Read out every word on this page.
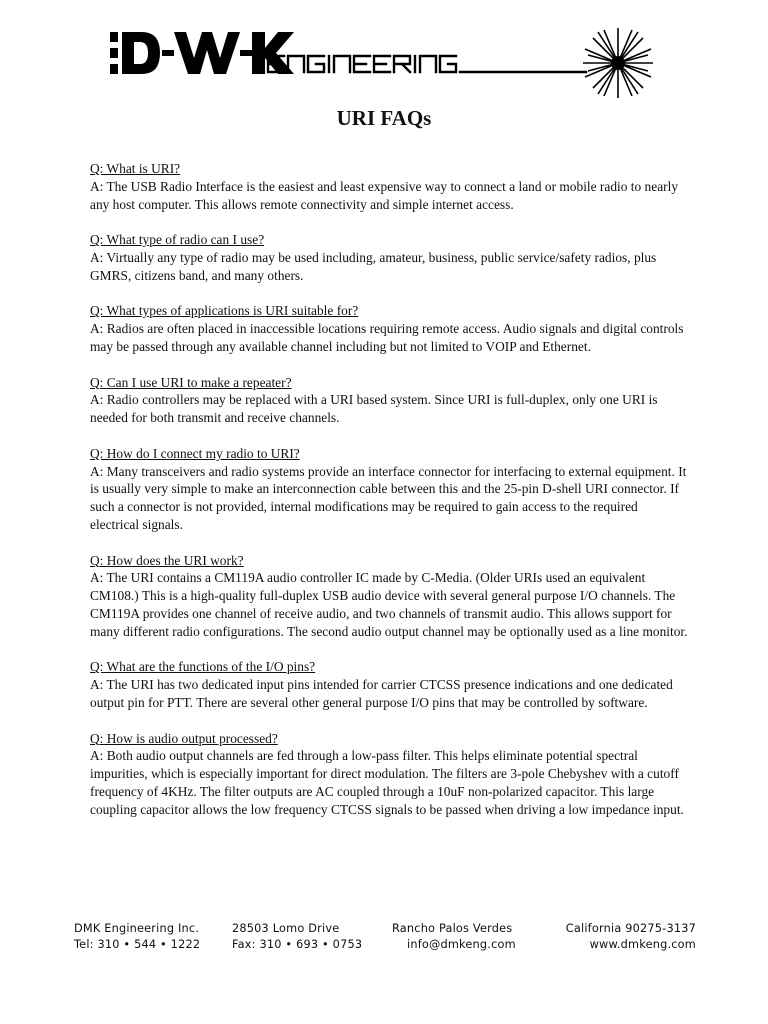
URI FAQs
Q: What is URI?
A: The USB Radio Interface is the easiest and least expensive way to connect a land or mobile radio to nearly any host computer. This allows remote connectivity and simple internet access.
Q: What type of radio can I use?
A: Virtually any type of radio may be used including, amateur, business, public service/safety radios, plus GMRS, citizens band, and many others.
Q: What types of applications is URI suitable for?
A: Radios are often placed in inaccessible locations requiring remote access. Audio signals and digital controls may be passed through any available channel including but not limited to VOIP and Ethernet.
Q: Can I use URI to make a repeater?
A: Radio controllers may be replaced with a URI based system. Since URI is full-duplex, only one URI is needed for both transmit and receive channels.
Q: How do I connect my radio to URI?
A: Many transceivers and radio systems provide an interface connector for interfacing to external equipment. It is usually very simple to make an interconnection cable between this and the 25-pin D-shell URI connector. If such a connector is not provided, internal modifications may be required to gain access to the required electrical signals.
Q: How does the URI work?
A: The URI contains a CM119A audio controller IC made by C-Media. (Older URIs used an equivalent CM108.) This is a high-quality full-duplex USB audio device with several general purpose I/O channels. The CM119A provides one channel of receive audio, and two channels of transmit audio. This allows support for many different radio configurations. The second audio output channel may be optionally used as a line monitor.
Q: What are the functions of the I/O pins?
A: The URI has two dedicated input pins intended for carrier CTCSS presence indications and one dedicated output pin for PTT. There are several other general purpose I/O pins that may be controlled by software.
Q: How is audio output processed?
A: Both audio output channels are fed through a low-pass filter. This helps eliminate potential spectral impurities, which is especially important for direct modulation. The filters are 3-pole Chebyshev with a cutoff frequency of 4KHz. The filter outputs are AC coupled through a 10uF non-polarized capacitor. This large coupling capacitor allows the low frequency CTCSS signals to be passed when driving a low impedance input.
DMK Engineering Inc.	28503 Lomo Drive	Rancho Palos Verdes	California 90275-3137
Tel: 310 • 544 • 1222	Fax: 310 • 693 • 0753	info@dmkeng.com	www.dmkeng.com
